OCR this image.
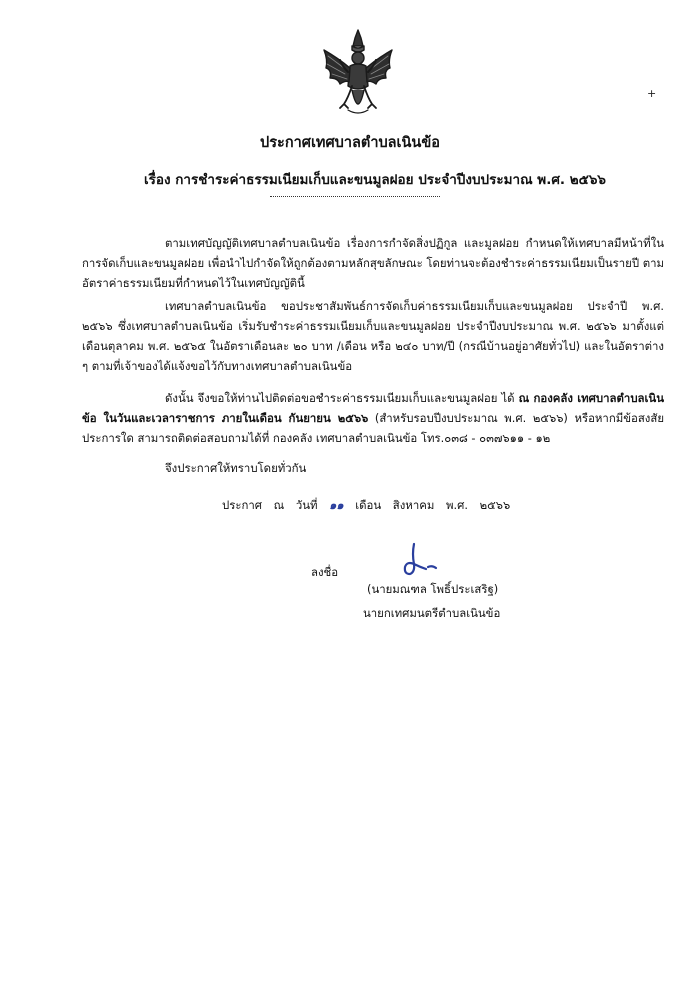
+
ประกาศเทศบาลตำบลเนินข้อ
เรื่อง การชำระค่าธรรมเนียมเก็บและขนมูลฝอย ประจำปีงบประมาณ พ.ศ. ๒๕๖๖

ตามเทศบัญญัติเทศบาลตำบลเนินข้อ เรื่องการกำจัดสิ่งปฏิกูล และมูลฝอย กำหนดให้เทศบาลมีหน้าที่ในการจัดเก็บและขนมูลฝอย เพื่อนำไปกำจัดให้ถูกต้องตามหลักสุขลักษณะ โดยท่านจะต้องชำระค่าธรรมเนียมเป็นรายปี ตามอัตราค่าธรรมเนียมที่กำหนดไว้ในเทศบัญญัตินี้

เทศบาลตำบลเนินข้อ ขอประชาสัมพันธ์การจัดเก็บค่าธรรมเนียมเก็บและขนมูลฝอย ประจำปี พ.ศ. ๒๕๖๖ ซึ่งเทศบาลตำบลเนินข้อ เริ่มรับชำระค่าธรรมเนียมเก็บและขนมูลฝอย ประจำปีงบประมาณ พ.ศ. ๒๕๖๖ มาตั้งแต่เดือนตุลาคม พ.ศ. ๒๕๖๕ ในอัตราเดือนละ ๒๐ บาท /เดือน หรือ ๒๔๐ บาท/ปี (กรณีบ้านอยู่อาศัยทั่วไป) และในอัตราต่าง ๆ ตามที่เจ้าของได้แจ้งขอไว้กับทางเทศบาลตำบลเนินข้อ

ดังนั้น จึงขอให้ท่านไปติดต่อขอชำระค่าธรรมเนียมเก็บและขนมูลฝอย ได้ ณ กองคลัง เทศบาลตำบลเนินข้อ ในวันและเวลาราชการ ภายในเดือน กันยายน ๒๕๖๖ (สำหรับรอบปีงบประมาณ พ.ศ. ๒๕๖๖) หรือหากมีข้อสงสัยประการใด สามารถติดต่อสอบถามได้ที่ กองคลัง เทศบาลตำบลเนินข้อ โทร.๐๓๘ - ๐๓๗๖๑๑ - ๑๒

จึงประกาศให้ทราบโดยทั่วกัน
ประกาศ ณ วันที่ ๑๑ เดือน สิงหาคม พ.ศ. ๒๕๖๖
ลงชื่อ
(นายมณฑล โพธิ์ประเสริฐ)
นายกเทศมนตรีตำบลเนินข้อ
